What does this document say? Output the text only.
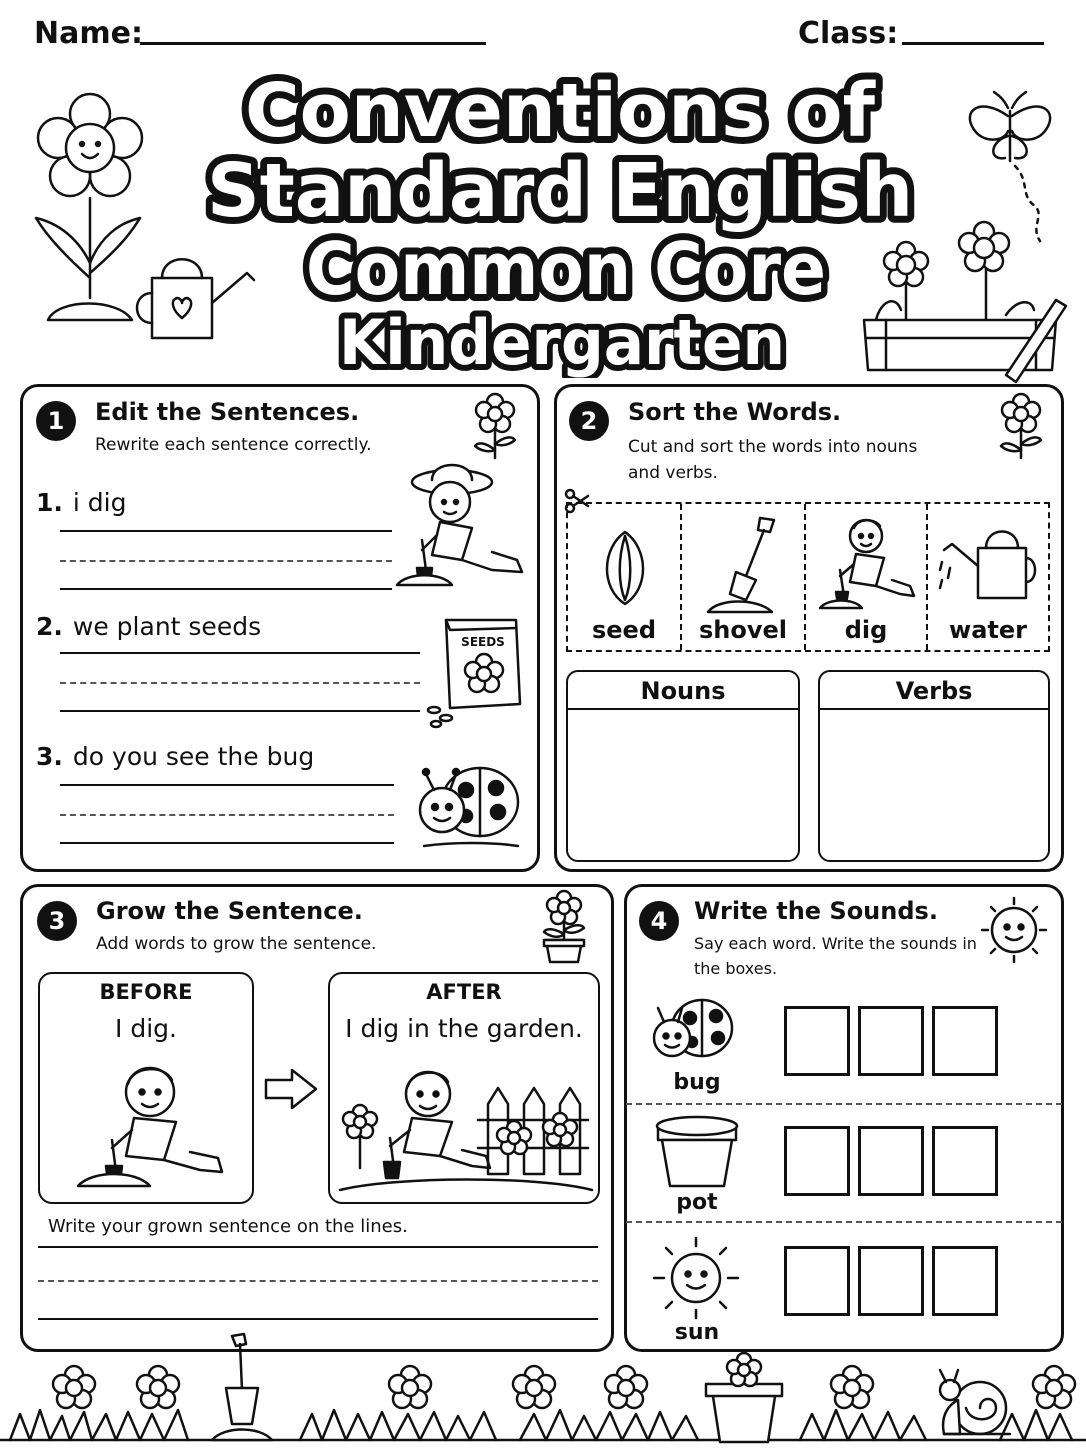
Name:	Class:
Conventions of
Standard English
Common Core
Kindergarten
1	Edit the Sentences.
Rewrite each sentence correctly.
1. i dig
2. we plant seeds
SEEDS
3. do you see the bug
2	Sort the Words.
Cut and sort the words into nouns and verbs.
seed	shovel	dig	water
Nouns	Verbs
3	Grow the Sentence.
Add words to grow the sentence.
BEFORE
I dig.
AFTER
I dig in the garden.
Write your grown sentence on the lines.
4	Write the Sounds.
Say each word. Write the sounds in the boxes.
bug
pot
sun
